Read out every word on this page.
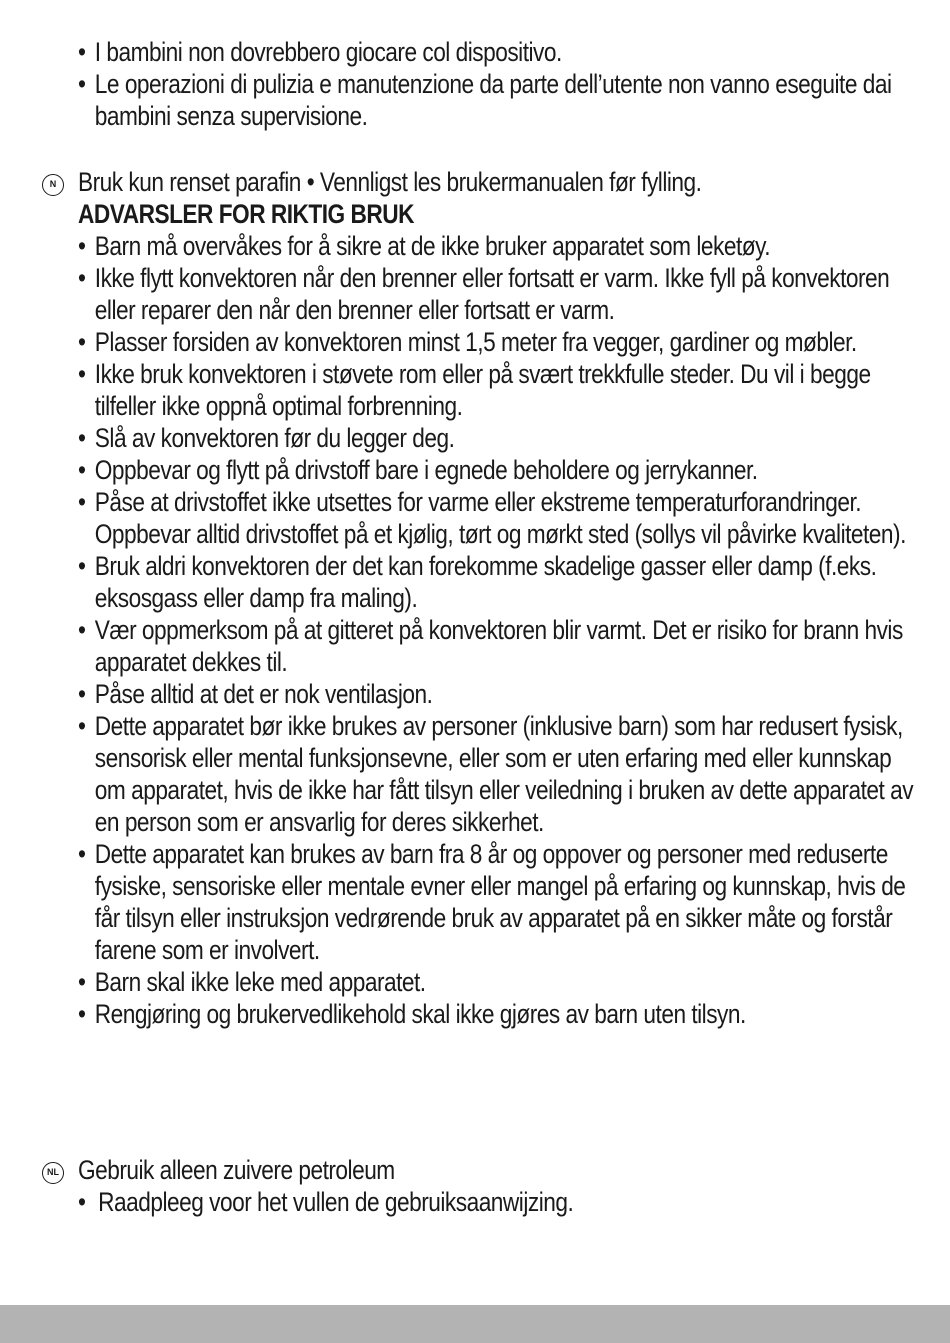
• I bambini non dovrebbero giocare col dispositivo.
• Le operazioni di pulizia e manutenzione da parte dell’utente non vanno eseguite dai bambini senza supervisione.
N Bruk kun renset parafin • Vennligst les brukermanualen før fylling.
ADVARSLER FOR RIKTIG BRUK
• Barn må overvåkes for å sikre at de ikke bruker apparatet som leketøy.
• Ikke flytt konvektoren når den brenner eller fortsatt er varm. Ikke fyll på konvektoren eller reparer den når den brenner eller fortsatt er varm.
• Plasser forsiden av konvektoren minst 1,5 meter fra vegger, gardiner og møbler.
• Ikke bruk konvektoren i støvete rom eller på svært trekkfulle steder. Du vil i begge tilfeller ikke oppnå optimal forbrenning.
• Slå av konvektoren før du legger deg.
• Oppbevar og flytt på drivstoff bare i egnede beholdere og jerrykanner.
• Påse at drivstoffet ikke utsettes for varme eller ekstreme temperaturforandringer. Oppbevar alltid drivstoffet på et kjølig, tørt og mørkt sted (sollys vil påvirke kvaliteten).
• Bruk aldri konvektoren der det kan forekomme skadelige gasser eller damp (f.eks. eksosgass eller damp fra maling).
• Vær oppmerksom på at gitteret på konvektoren blir varmt. Det er risiko for brann hvis apparatet dekkes til.
• Påse alltid at det er nok ventilasjon.
• Dette apparatet bør ikke brukes av personer (inklusive barn) som har redusert fysisk, sensorisk eller mental funksjonsevne, eller som er uten erfaring med eller kunnskap om apparatet, hvis de ikke har fått tilsyn eller veiledning i bruken av dette apparatet av en person som er ansvarlig for deres sikkerhet.
• Dette apparatet kan brukes av barn fra 8 år og oppover og personer med reduserte fysiske, sensoriske eller mentale evner eller mangel på erfaring og kunnskap, hvis de får tilsyn eller instruksjon vedrørende bruk av apparatet på en sikker måte og forstår farene som er involvert.
• Barn skal ikke leke med apparatet.
• Rengjøring og brukervedlikehold skal ikke gjøres av barn uten tilsyn.
NL Gebruik alleen zuivere petroleum
• Raadpleeg voor het vullen de gebruiksaanwijzing.
